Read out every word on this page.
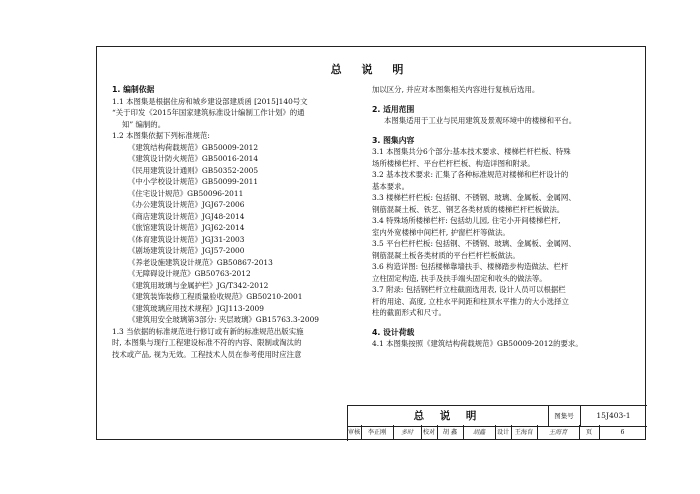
总 说 明
1. 编制依据
1.1 本图集是根据住房和城乡建设部建质函 [2015]140号文
“关于印发《2015年国家建筑标准设计编制工作计划》的通
知” 编制的。
1.2 本图集依据下列标准规范:
《建筑结构荷载规范》GB50009-2012
《建筑设计防火规范》GB50016-2014
《民用建筑设计通则》GB50352-2005
《中小学校设计规范》GB50099-2011
《住宅设计规范》GB50096-2011
《办公建筑设计规范》JGJ67-2006
《商店建筑设计规范》JGJ48-2014
《旅馆建筑设计规范》JGJ62-2014
《体育建筑设计规范》JGJ31-2003
《剧场建筑设计规范》JGJ57-2000
《养老设施建筑设计规范》GB50867-2013
《无障碍设计规范》GB50763-2012
《建筑用玻璃与金属护栏》JG/T342-2012
《建筑装饰装修工程质量验收规范》GB50210-2001
《建筑玻璃应用技术规程》JGJ113-2009
《建筑用安全玻璃第3部分: 夹层玻璃》GB15763.3-2009
1.3 当依据的标准规范进行修订或有新的标准规范出版实施
时, 本图集与现行工程建设标准不符的内容、限制或淘汰的
技术或产品, 视为无效。工程技术人员在参考使用时应注意
加以区分, 并应对本图集相关内容进行复核后选用。
2. 适用范围
本图集适用于工业与民用建筑及景观环境中的楼梯和平台。
3. 图集内容
3.1 本图集共分6个部分:基本技术要求、楼梯栏杆栏板、特殊
场所楼梯栏杆、平台栏杆栏板、构造详图和附录。
3.2 基本技术要求: 汇集了各种标准规范对楼梯和栏杆设计的
基本要求。
3.3 楼梯栏杆栏板: 包括钢、不锈钢、玻璃、金属板、金属网、
钢筋混凝土板、铁艺、钢艺各类材质的楼梯栏杆栏板做法。
3.4 特殊场所楼梯栏杆: 包括幼儿园, 住宅小开间楼梯栏杆,
室内外宽楼梯中间栏杆, 护窗栏杆等做法。
3.5 平台栏杆栏板: 包括钢、不锈钢、玻璃、金属板、金属网、
钢筋混凝土板各类材质的平台栏杆栏板做法。
3.6 构造详图: 包括楼梯靠墙扶手、楼梯踏步构造做法、栏杆
立柱固定构造, 扶手及扶手端头固定和收头的做法等。
3.7 附录: 包括钢栏杆立柱截面选用表, 设计人员可以根据栏
杆的用途、高度, 立柱水平间距和柱顶水平推力的大小选择立
柱的截面形式和尺寸。
4. 设计荷载
4.1 本图集按照《建筑结构荷载规范》GB50009-2012的要求。
总 说 明	图集号	15J403-1
审核	李正刚	多时	校对	胡 鑫	胡鑫	设计 王海育	王海育	页	6
